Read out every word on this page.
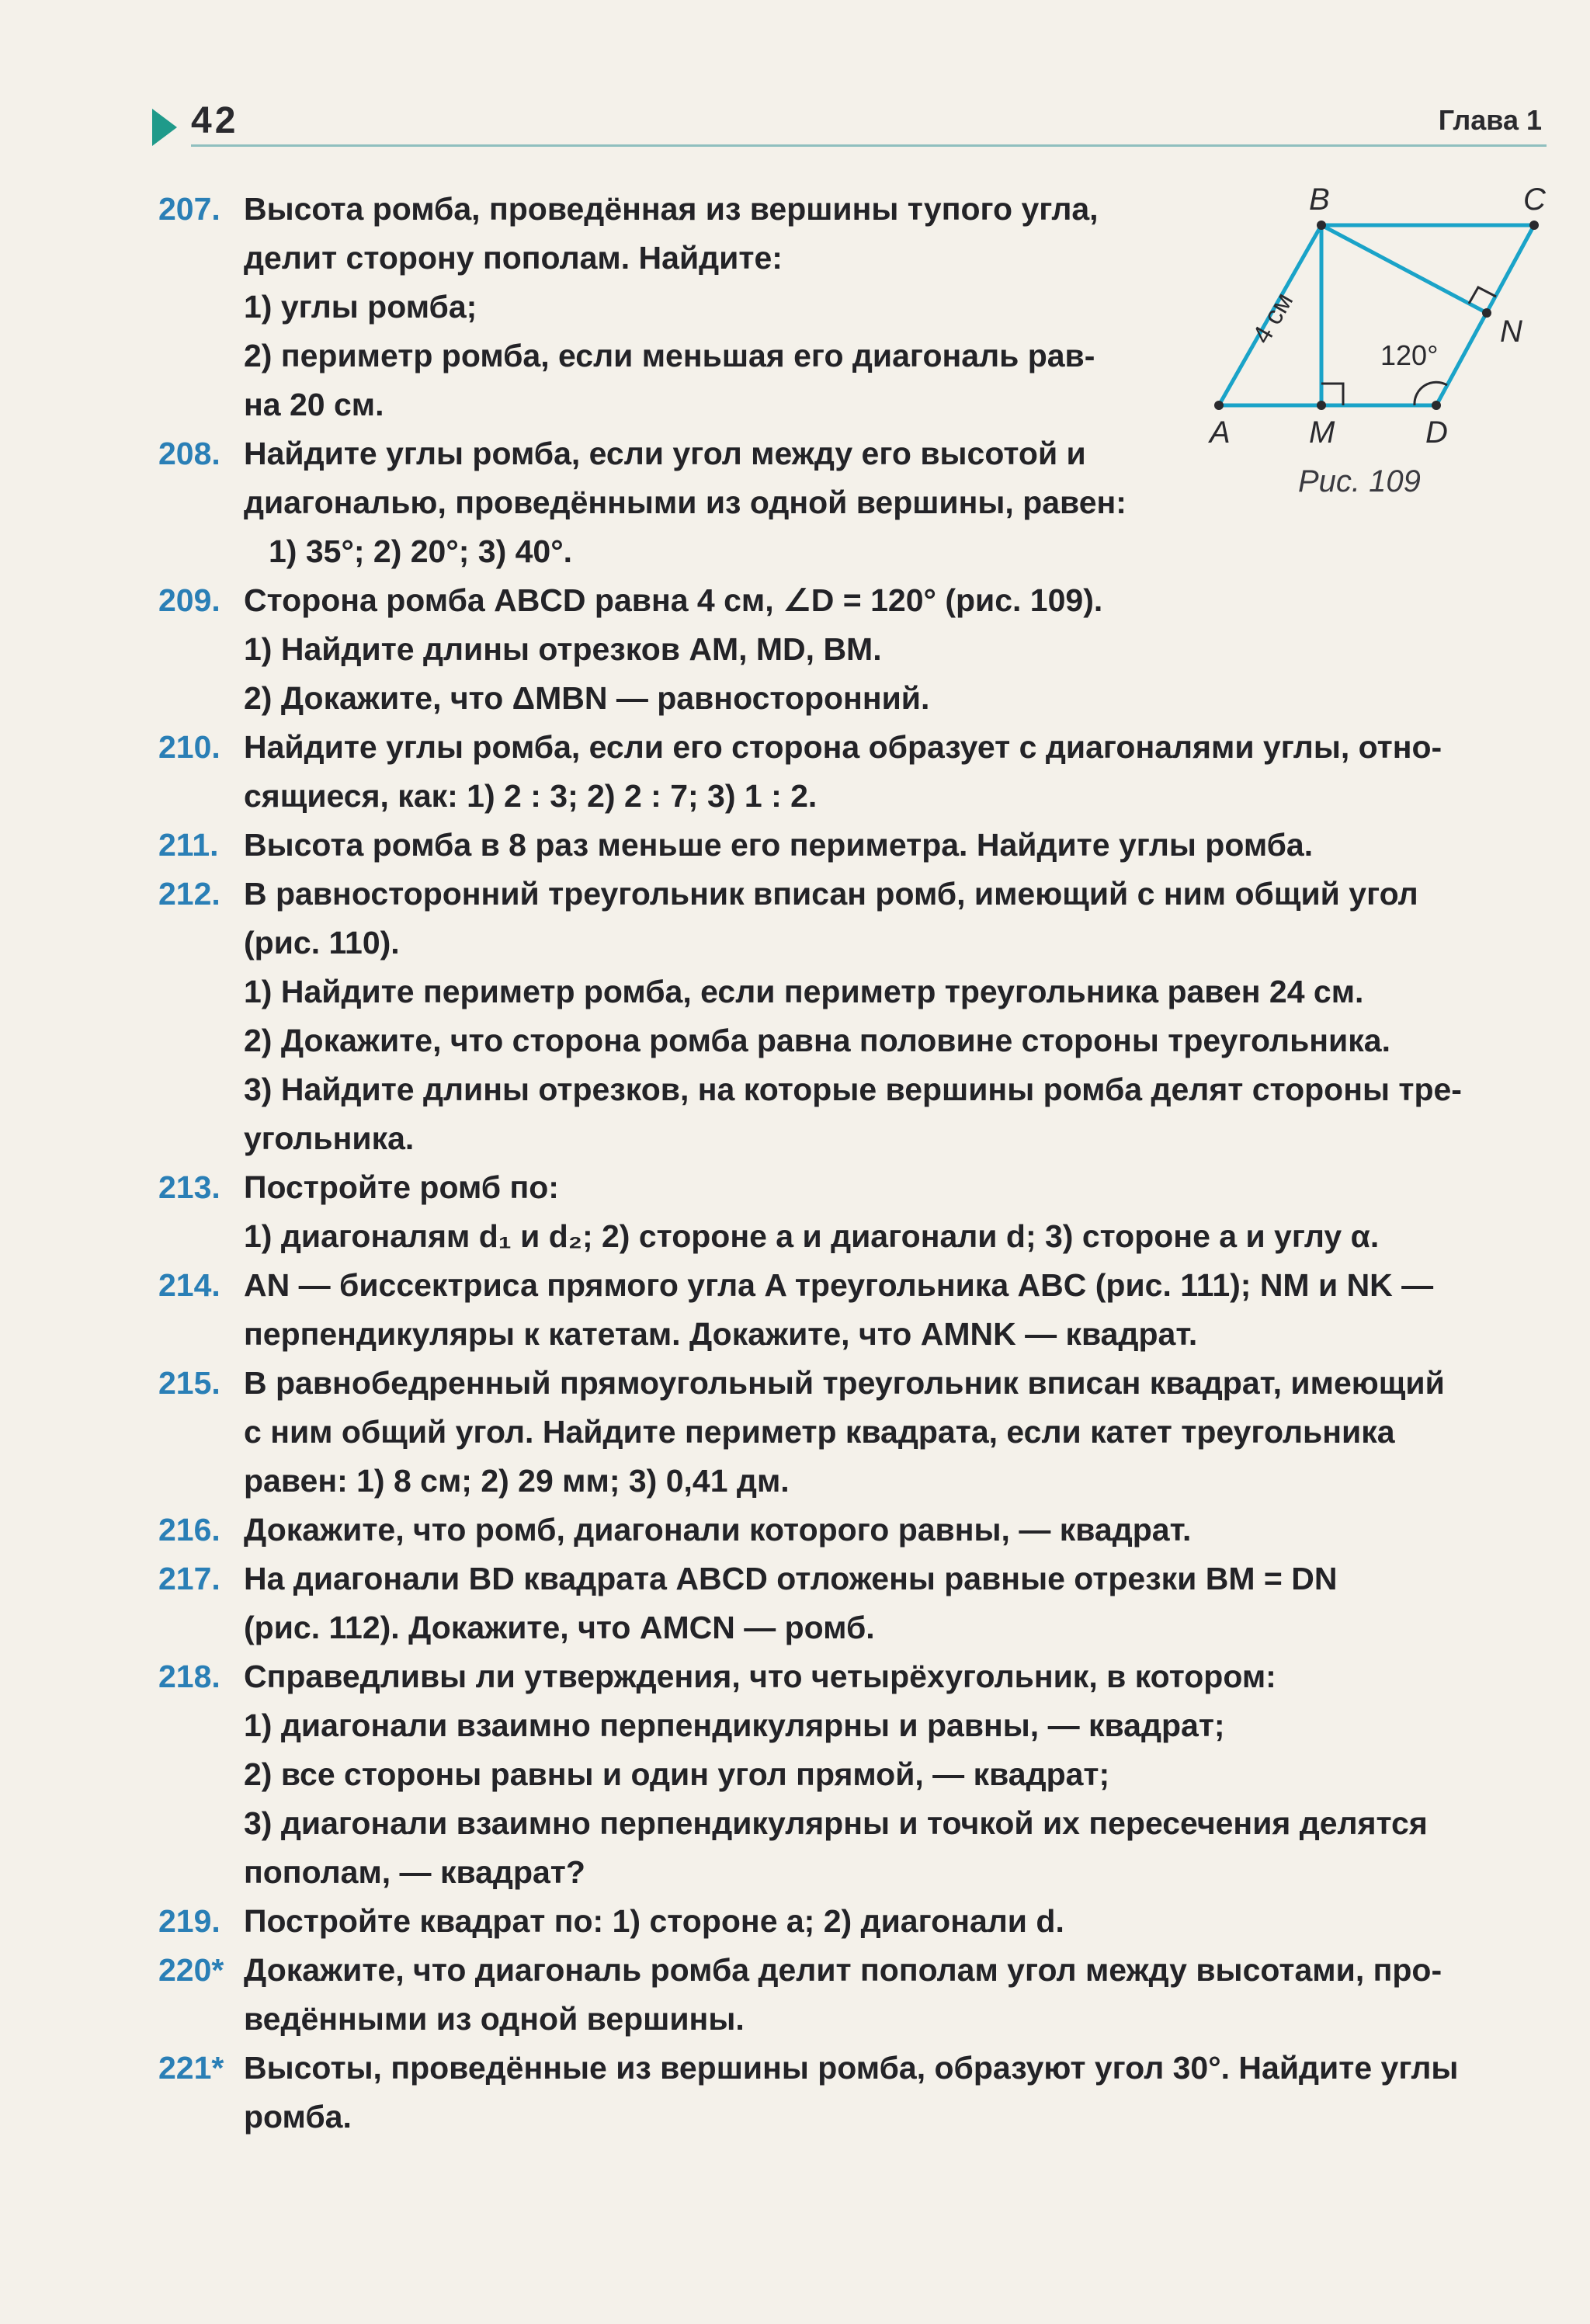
42	Глава 1
B	C
N
A	M	D
4 см
120°
Рис. 109
207. Высота ромба, проведённая из вершины тупого угла,
делит сторону пополам. Найдите:
1) углы ромба;
2) периметр ромба, если меньшая его диагональ рав-
на 20 см.
208. Найдите углы ромба, если угол между его высотой и
диагональю, проведёнными из одной вершины, равен:
1) 35°; 2) 20°; 3) 40°.
209. Сторона ромба ABCD равна 4 см, ∠D = 120° (рис. 109).
1) Найдите длины отрезков AM, MD, BM.
2) Докажите, что ΔMBN — равносторонний.
210. Найдите углы ромба, если его сторона образует с диагоналями углы, отно-
сящиеся, как: 1) 2 : 3; 2) 2 : 7; 3) 1 : 2.
211. Высота ромба в 8 раз меньше его периметра. Найдите углы ромба.
212. В равносторонний треугольник вписан ромб, имеющий с ним общий угол
(рис. 110).
1) Найдите периметр ромба, если периметр треугольника равен 24 см.
2) Докажите, что сторона ромба равна половине стороны треугольника.
3) Найдите длины отрезков, на которые вершины ромба делят стороны тре-
угольника.
213. Постройте ромб по:
1) диагоналям d₁ и d₂; 2) стороне a и диагонали d; 3) стороне a и углу α.
214. AN — биссектриса прямого угла A треугольника ABC (рис. 111); NM и NK —
перпендикуляры к катетам. Докажите, что AMNK — квадрат.
215. В равнобедренный прямоугольный треугольник вписан квадрат, имеющий
с ним общий угол. Найдите периметр квадрата, если катет треугольника
равен: 1) 8 см; 2) 29 мм; 3) 0,41 дм.
216. Докажите, что ромб, диагонали которого равны, — квадрат.
217. На диагонали BD квадрата ABCD отложены равные отрезки BM = DN
(рис. 112). Докажите, что AMCN — ромб.
218. Справедливы ли утверждения, что четырёхугольник, в котором:
1) диагонали взаимно перпендикулярны и равны, — квадрат;
2) все стороны равны и один угол прямой, — квадрат;
3) диагонали взаимно перпендикулярны и точкой их пересечения делятся
пополам, — квадрат?
219. Постройте квадрат по: 1) стороне a; 2) диагонали d.
220* Докажите, что диагональ ромба делит пополам угол между высотами, про-
ведёнными из одной вершины.
221* Высоты, проведённые из вершины ромба, образуют угол 30°. Найдите углы
ромба.
